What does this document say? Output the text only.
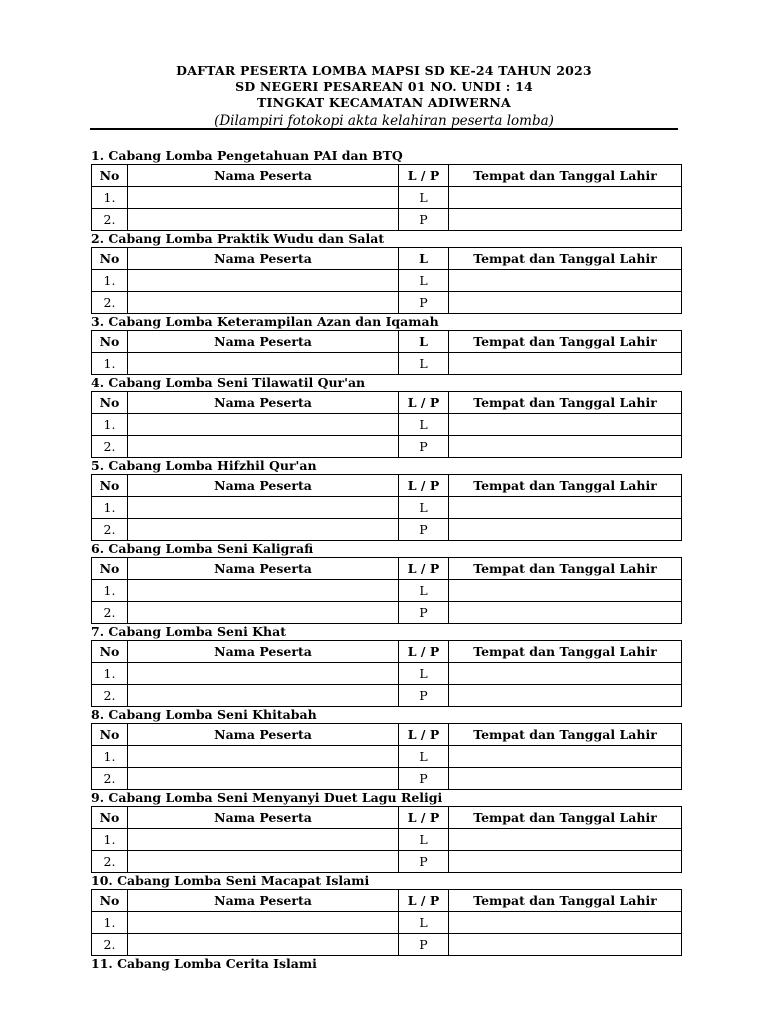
DAFTAR PESERTA LOMBA MAPSI SD KE-24 TAHUN 2023
SD NEGERI PESAREAN 01 NO. UNDI : 14
TINGKAT KECAMATAN ADIWERNA
(Dilampiri fotokopi akta kelahiran peserta lomba)
1. Cabang Lomba Pengetahuan PAI dan BTQ
No	Nama Peserta	L / P	Tempat dan Tanggal Lahir
1.		L	
2.		P	
2. Cabang Lomba Praktik Wudu dan Salat
No	Nama Peserta	L	Tempat dan Tanggal Lahir
1.		L	
2.		P	
3. Cabang Lomba Keterampilan Azan dan Iqamah
No	Nama Peserta	L	Tempat dan Tanggal Lahir
1.		L	
4. Cabang Lomba Seni Tilawatil Qur'an
No	Nama Peserta	L / P	Tempat dan Tanggal Lahir
1.		L	
2.		P	
5. Cabang Lomba Hifzhil Qur'an
No	Nama Peserta	L / P	Tempat dan Tanggal Lahir
1.		L	
2.		P	
6. Cabang Lomba Seni Kaligrafi
No	Nama Peserta	L / P	Tempat dan Tanggal Lahir
1.		L	
2.		P	
7. Cabang Lomba Seni Khat
No	Nama Peserta	L / P	Tempat dan Tanggal Lahir
1.		L	
2.		P	
8. Cabang Lomba Seni Khitabah
No	Nama Peserta	L / P	Tempat dan Tanggal Lahir
1.		L	
2.		P	
9. Cabang Lomba Seni Menyanyi Duet Lagu Religi
No	Nama Peserta	L / P	Tempat dan Tanggal Lahir
1.		L	
2.		P	
10. Cabang Lomba Seni Macapat Islami
No	Nama Peserta	L / P	Tempat dan Tanggal Lahir
1.		L	
2.		P	
11. Cabang Lomba Cerita Islami
